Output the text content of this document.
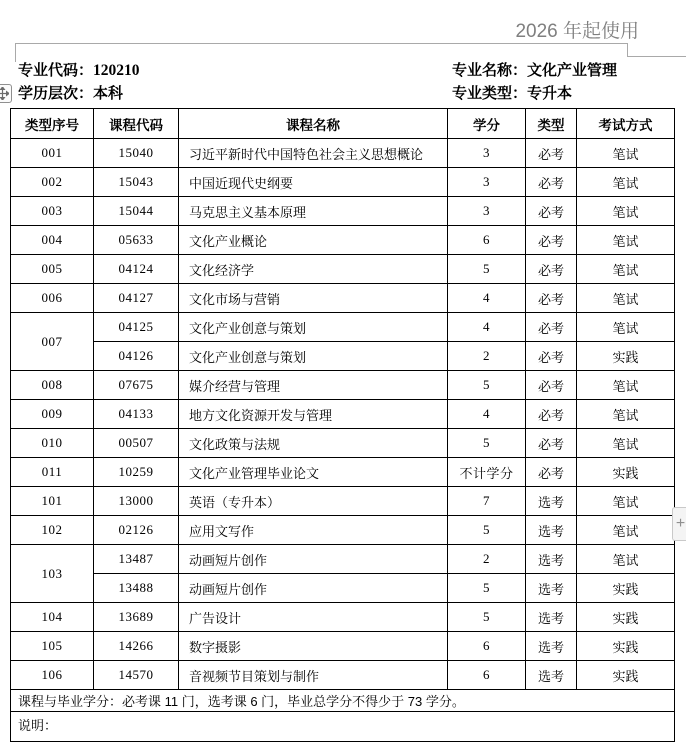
2026 年起使用
专业代码：120210	专业名称：文化产业管理
学历层次：本科	专业类型：专升本
类型序号	课程代码	课程名称	学分	类型	考试方式
001	15040	习近平新时代中国特色社会主义思想概论	3	必考	笔试
002	15043	中国近现代史纲要	3	必考	笔试
003	15044	马克思主义基本原理	3	必考	笔试
004	05633	文化产业概论	6	必考	笔试
005	04124	文化经济学	5	必考	笔试
006	04127	文化市场与营销	4	必考	笔试
007	04125	文化产业创意与策划	4	必考	笔试
	04126	文化产业创意与策划	2	必考	实践
008	07675	媒介经营与管理	5	必考	笔试
009	04133	地方文化资源开发与管理	4	必考	笔试
010	00507	文化政策与法规	5	必考	笔试
011	10259	文化产业管理毕业论文	不计学分	必考	实践
101	13000	英语（专升本）	7	选考	笔试
102	02126	应用文写作	5	选考	笔试
103	13487	动画短片创作	2	选考	笔试
	13488	动画短片创作	5	选考	实践
104	13689	广告设计	5	选考	实践
105	14266	数字摄影	6	选考	实践
106	14570	音视频节目策划与制作	6	选考	实践
课程与毕业学分：必考课 11 门，选考课 6 门，毕业总学分不得少于 73 学分。					
说明：					
+
